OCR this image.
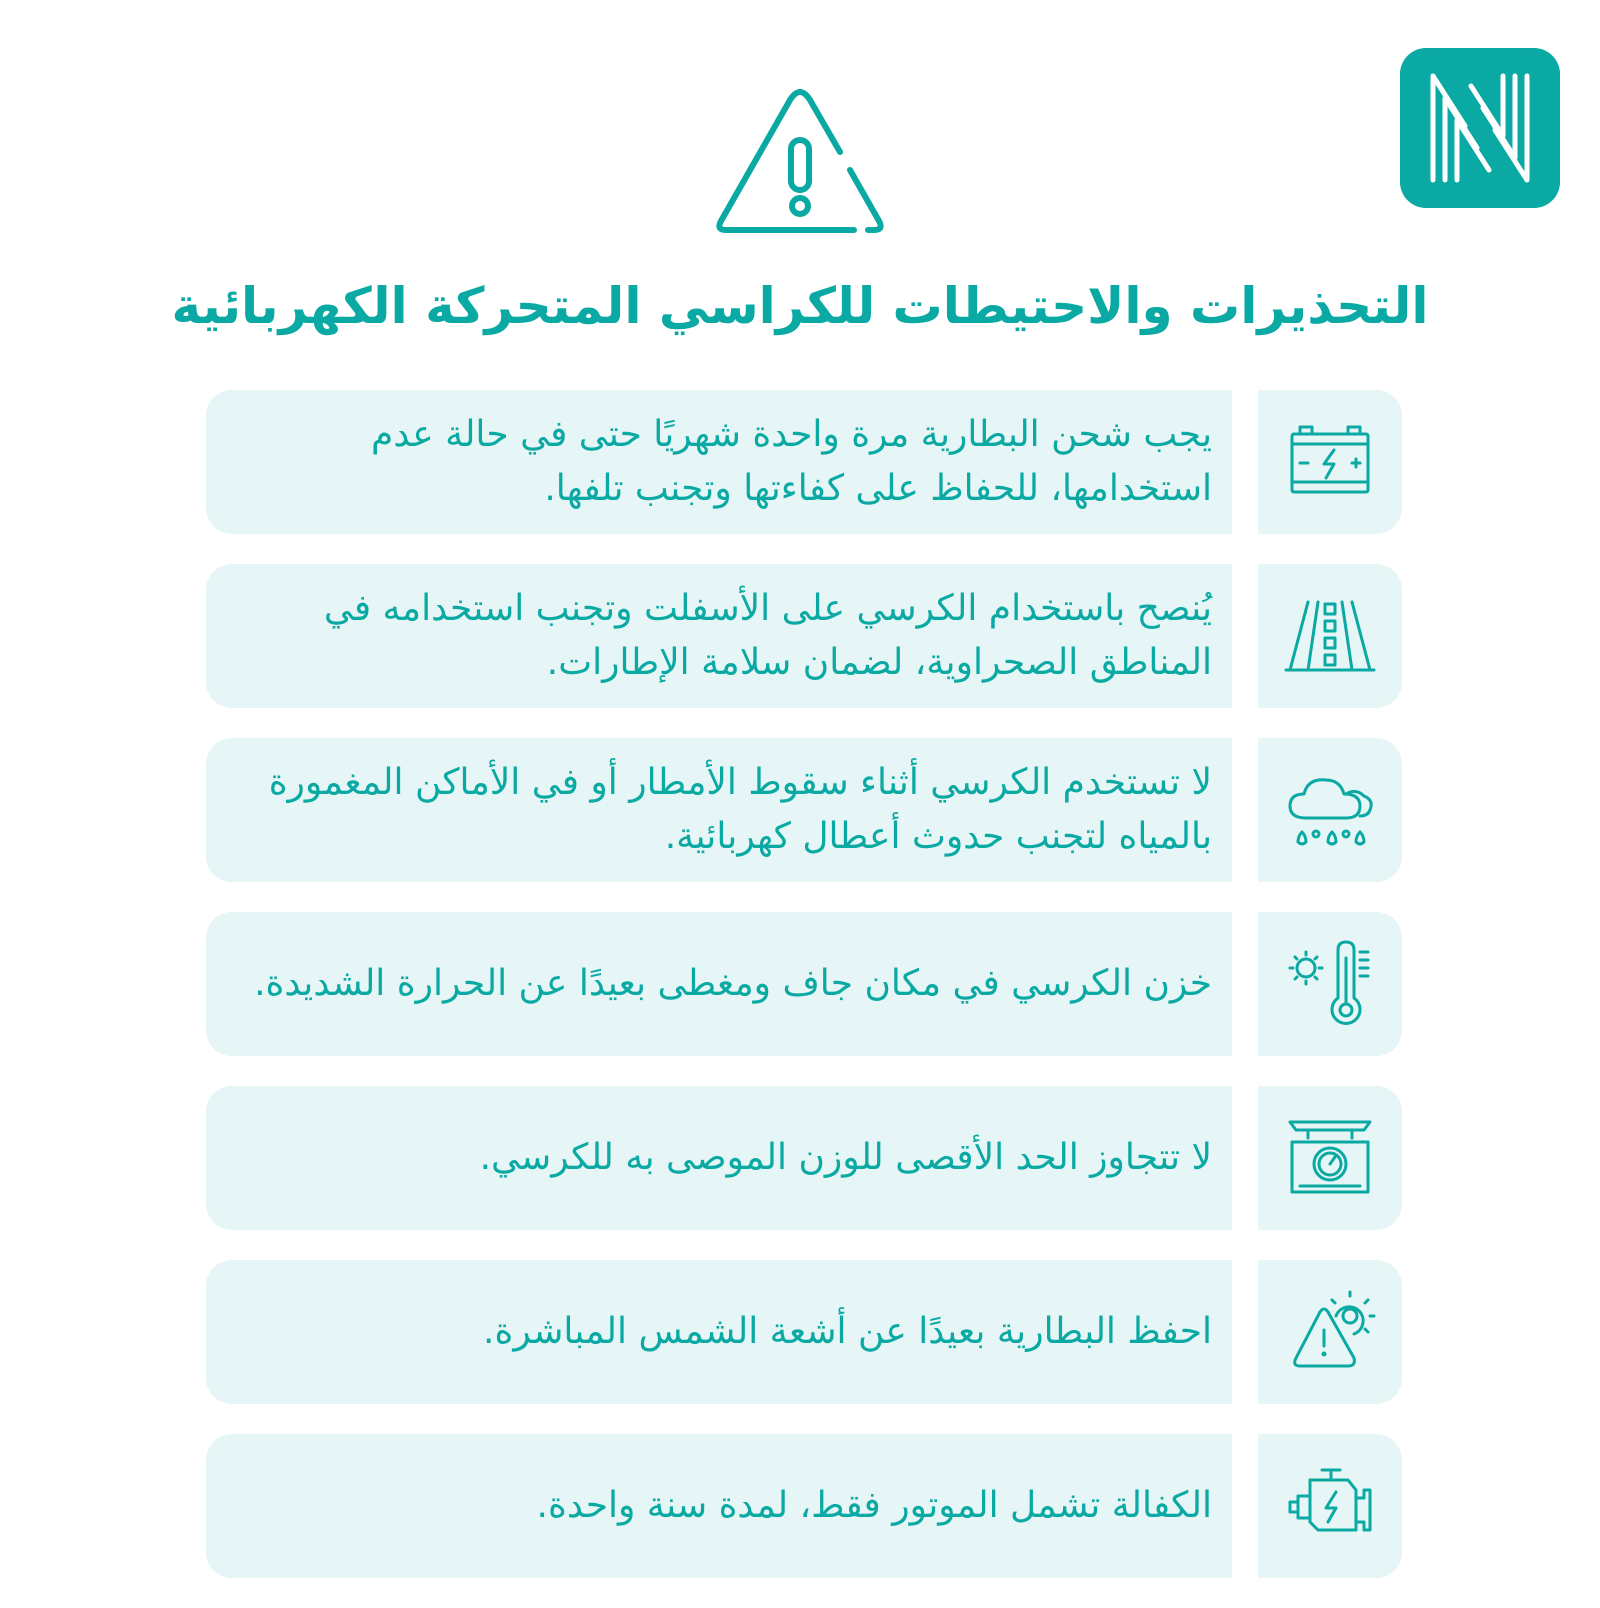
التحذيرات والاحتيطات للكراسي المتحركة الكهربائية

يجب شحن البطارية مرة واحدة شهريًا حتى في حالة عدم استخدامها، للحفاظ على كفاءتها وتجنب تلفها.

يُنصح باستخدام الكرسي على الأسفلت وتجنب استخدامه في المناطق الصحراوية، لضمان سلامة الإطارات.

لا تستخدم الكرسي أثناء سقوط الأمطار أو في الأماكن المغمورة بالمياه لتجنب حدوث أعطال كهربائية.

خزن الكرسي في مكان جاف ومغطى بعيدًا عن الحرارة الشديدة.

لا تتجاوز الحد الأقصى للوزن الموصى به للكرسي.

احفظ البطارية بعيدًا عن أشعة الشمس المباشرة.

الكفالة تشمل الموتور فقط، لمدة سنة واحدة.
